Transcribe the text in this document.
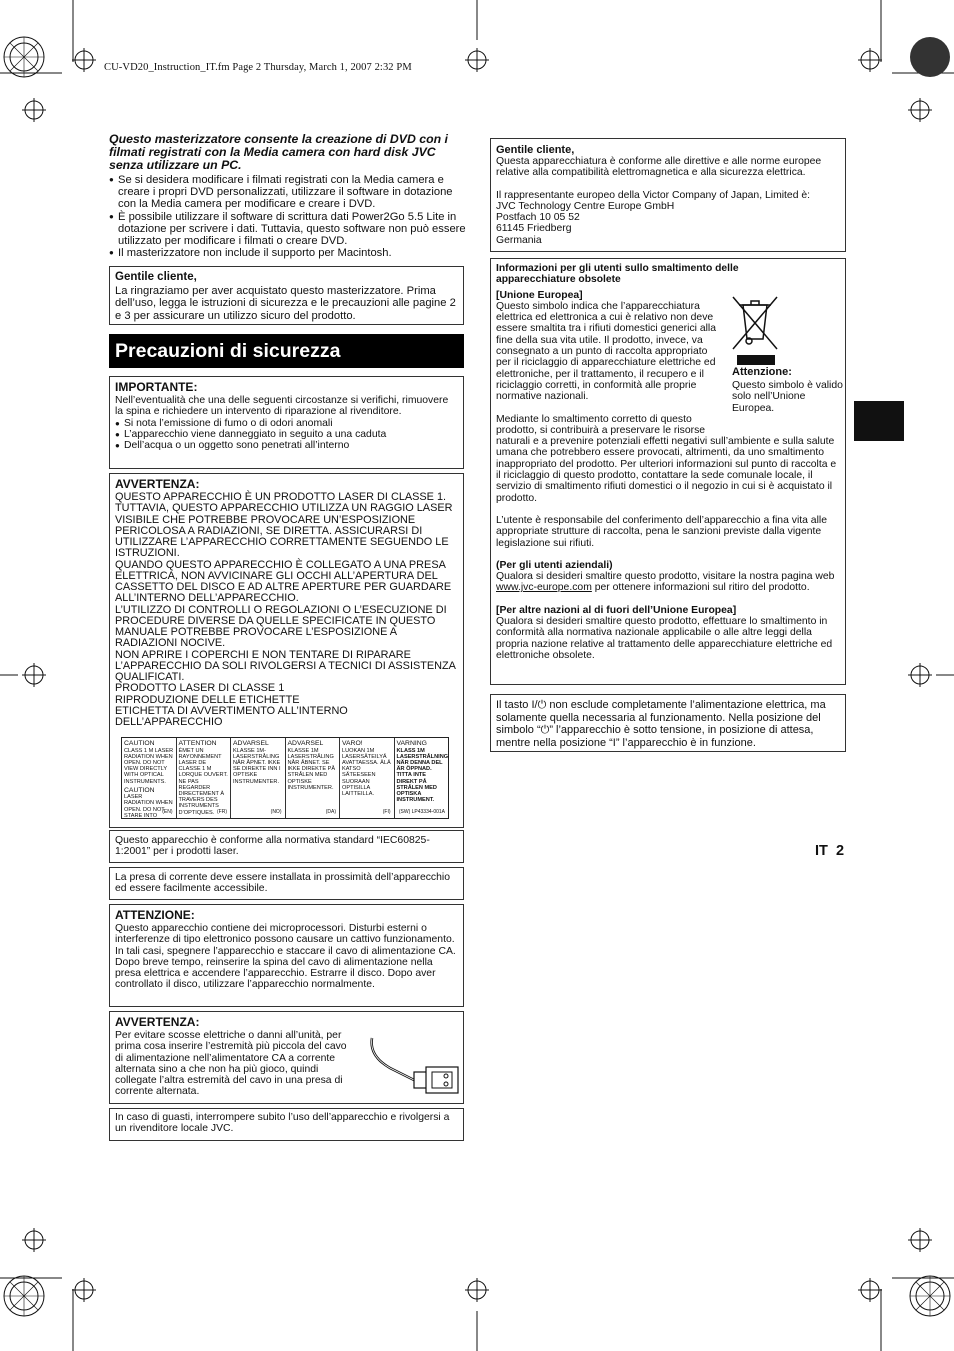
CU-VD20_Instruction_IT.fm Page 2 Thursday, March 1, 2007 2:32 PM
Questo masterizzatore consente la creazione di DVD con i filmati registrati con la Media camera con hard disk JVC senza utilizzare un PC.
● Se si desidera modificare i filmati registrati con la Media camera e creare i propri DVD personalizzati, utilizzare il software in dotazione con la Media camera per modificare e creare i DVD.
● È possibile utilizzare il software di scrittura dati Power2Go 5.5 Lite in dotazione per scrivere i dati. Tuttavia, questo software non può essere utilizzato per modificare i filmati o creare DVD.
● Il masterizzatore non include il supporto per Macintosh.
Gentile cliente,

La ringraziamo per aver acquistato questo masterizzatore. Prima dell’uso, legga le istruzioni di sicurezza e le precauzioni alle pagine 2 e 3 per assicurare un utilizzo sicuro del prodotto.

Precauzioni di sicurezza
IMPORTANTE:

Nell’eventualità che una delle seguenti circostanze si verifichi, rimuovere la spina e richiedere un intervento di riparazione al rivenditore.

● Si nota l’emissione di fumo o di odori anomali
● L’apparecchio viene danneggiato in seguito a una caduta
● Dell’acqua o un oggetto sono penetrati all’interno
AVVERTENZA:

QUESTO APPARECCHIO È UN PRODOTTO LASER DI CLASSE 1. TUTTAVIA, QUESTO APPARECCHIO UTILIZZA UN RAGGIO LASER VISIBILE CHE POTREBBE PROVOCARE UN’ESPOSIZIONE PERICOLOSA A RADIAZIONI, SE DIRETTA. ASSICURARSI DI UTILIZZARE L’APPARECCHIO CORRETTAMENTE SEGUENDO LE ISTRUZIONI.
QUANDO QUESTO APPARECCHIO È COLLEGATO A UNA PRESA ELETTRICA, NON AVVICINARE GLI OCCHI ALL’APERTURA DEL CASSETTO DEL DISCO E AD ALTRE APERTURE PER GUARDARE ALL’INTERNO DELL’APPARECCHIO.
L’UTILIZZO DI CONTROLLI O REGOLAZIONI O L’ESECUZIONE DI PROCEDURE DIVERSE DA QUELLE SPECIFICATE IN QUESTO MANUALE POTREBBE PROVOCARE L’ESPOSIZIONE A RADIAZIONI NOCIVE.
NON APRIRE I COPERCHI E NON TENTARE DI RIPARARE L’APPARECCHIO DA SOLI RIVOLGERSI A TECNICI DI ASSISTENZA QUALIFICATI.
PRODOTTO LASER DI CLASSE 1
RIPRODUZIONE DELLE ETICHETTE
ETICHETTA DI AVVERTIMENTO ALL’INTERNO DELL’APPARECCHIO

CAUTION
CLASS 1 M LASER RADIATION WHEN OPEN. DO NOT VIEW DIRECTLY WITH OPTICAL INSTRUMENTS.
CAUTION
LASER RADIATION WHEN OPEN. DO NOT STARE INTO
(EN)
ATTENTION
ÉMET UN RAYONNEMENT LASER DE CLASSE 1 M LORQUE OUVERT. NE PAS REGARDER DIRECTEMENT À TRAVERS DES INSTRUMENTS D’OPTIQUES. (FR)
ADVARSEL
KLASSE 1M-LASERSTRÅLING NÅR ÅPNET. IKKE SE DIREKTE INN I OPTISKE INSTRUMENTER.
(NO)
ADVARSEL
KLASSE 1M LASERSTRÅLING NÅR ÅBNET. SE IKKE DIREKTE PÅ STRÅLEN MED OPTISKE INSTRUMENTER.
(DA)
VARO!
LUOKAN 1M LASERSÄTEILYÄ AVATTAESSA. ÄLÄ KATSO SÄTEESEEN SUORAAN OPTISILLA LAITTEILLA.
(FI)
VARNING
KLASS 1M LASERSTRÅLNING NÄR DENNA DEL ÄR ÖPPNAD. TITTA INTE DIREKT PÅ STRÅLEN MED OPTISKA INSTRUMENT.
(SW) LP43334-001A

Questo apparecchio è conforme alla normativa standard “IEC60825-1:2001” per i prodotti laser.

La presa di corrente deve essere installata in prossimità dell’apparecchio ed essere facilmente accessibile.

ATTENZIONE:

Questo apparecchio contiene dei microprocessori. Disturbi esterni o interferenze di tipo elettronico possono causare un cattivo funzionamento. In tali casi, spegnere l’apparecchio e staccare il cavo di alimentazione CA. Dopo breve tempo, reinserire la spina del cavo di alimentazione nella presa elettrica e accendere l’apparecchio. Estrarre il disco. Dopo aver controllato il disco, utilizzare l’apparecchio normalmente.

AVVERTENZA:

Per evitare scosse elettriche o danni all’unità, per prima cosa inserire l’estremità più piccola del cavo di alimentazione nell’alimentatore CA a corrente alternata sino a che non ha più gioco, quindi collegate l’altra estremità del cavo in una presa di corrente alternata.

In caso di guasti, interrompere subito l’uso dell’apparecchio e rivolgersi a un rivenditore locale JVC.

Gentile cliente,

Questa apparecchiatura è conforme alle direttive e alle norme europee relative alla compatibilità elettromagnetica e alla sicurezza elettrica.

Il rappresentante europeo della Victor Company of Japan, Limited è:

JVC Technology Centre Europe GmbH

Postfach 10 05 52

61145 Friedberg

Germania

Informazioni per gli utenti sullo smaltimento delle apparecchiature obsolete
[Unione Europea]

Questo simbolo indica che l’apparecchiatura elettrica ed elettronica a cui è relativo non deve essere smaltita tra i rifiuti domestici generici alla fine della sua vita utile. Il prodotto, invece, va consegnato a un punto di raccolta appropriato per il riciclaggio di apparecchiature elettriche ed elettroniche, per il trattamento, il recupero e il riciclaggio corretti, in conformità alle proprie normative nazionali.

Mediante lo smaltimento corretto di questo prodotto, si contribuirà a preservare le risorse

naturali e a prevenire potenziali effetti negativi sull’ambiente e sulla salute umana che potrebbero essere provocati, altrimenti, da uno smaltimento inappropriato del prodotto. Per ulteriori informazioni sul punto di raccolta e il riciclaggio di questo prodotto, contattare la sede comunale locale, il servizio di smaltimento rifiuti domestici o il negozio in cui si è acquistato il prodotto.

L’utente è responsabile del conferimento dell’apparecchio a fina vita alle appropriate strutture di raccolta, pena le sanzioni previste dalla vigente legislazione sui rifiuti.

(Per gli utenti aziendali)

Qualora si desideri smaltire questo prodotto, visitare la nostra pagina web www.jvc-europe.com per ottenere informazioni sul ritiro del prodotto.

[Per altre nazioni al di fuori dell’Unione Europea]

Qualora si desideri smaltire questo prodotto, effettuare lo smaltimento in conformità alla normativa nazionale applicabile o alle altre leggi della propria nazione relative al trattamento delle apparecchiature elettriche ed elettroniche obsolete.

Attenzione:

Questo simbolo è valido solo nell’Unione Europea.

Il tasto I/⏻ non esclude completamente l’alimentazione elettrica, ma solamente quella necessaria al funzionamento. Nella posizione del

simbolo “⏻” l’apparecchio è sotto tensione, in posizione di attesa, mentre nella posizione “I” l’apparecchio è in funzione.

IT  2
